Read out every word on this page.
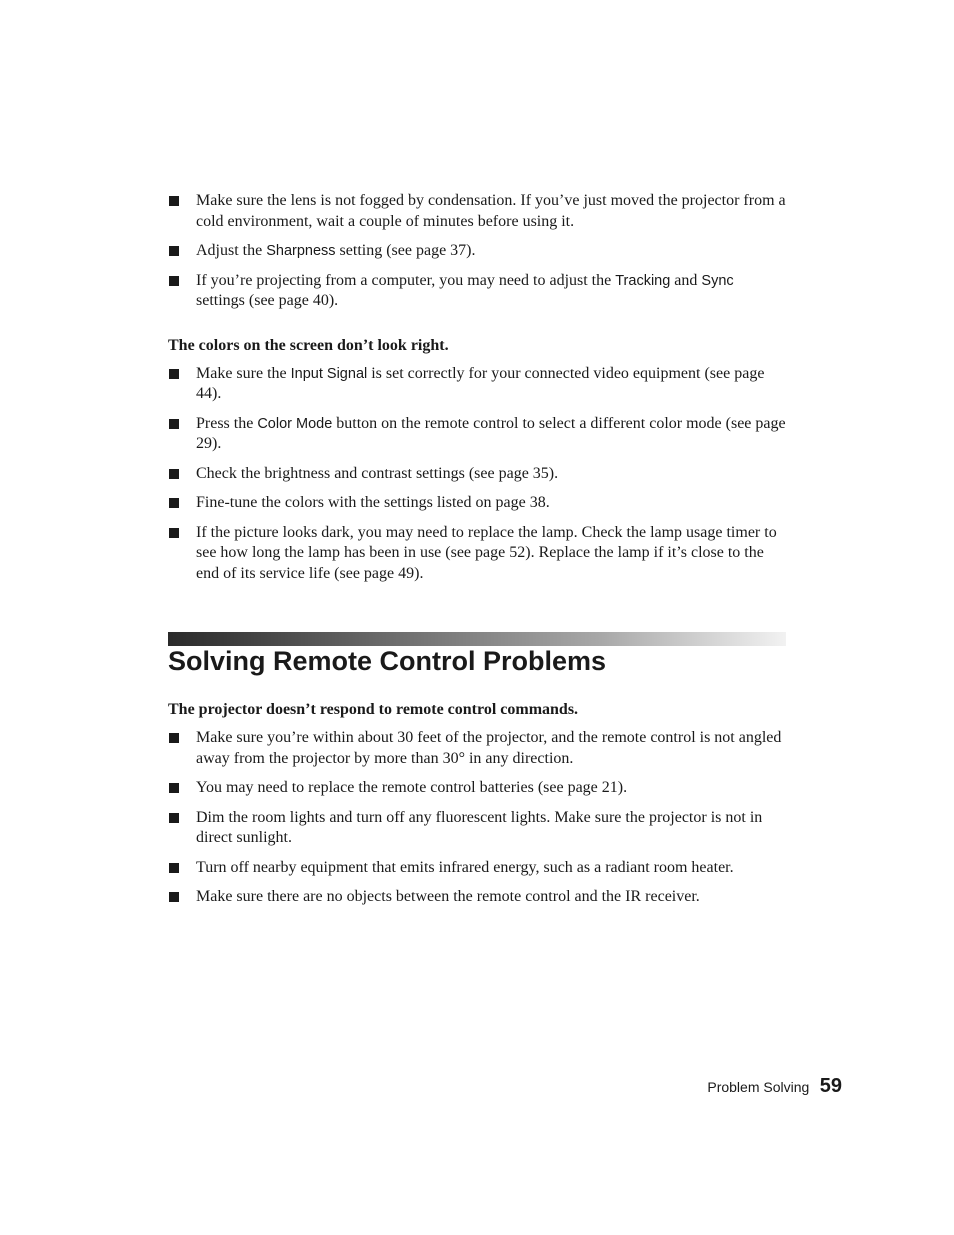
Make sure the lens is not fogged by condensation. If you’ve just moved the projector from a cold environment, wait a couple of minutes before using it.
Adjust the Sharpness setting (see page 37).
If you’re projecting from a computer, you may need to adjust the Tracking and Sync settings (see page 40).
The colors on the screen don’t look right.
Make sure the Input Signal is set correctly for your connected video equipment (see page 44).
Press the Color Mode button on the remote control to select a different color mode (see page 29).
Check the brightness and contrast settings (see page 35).
Fine-tune the colors with the settings listed on page 38.
If the picture looks dark, you may need to replace the lamp. Check the lamp usage timer to see how long the lamp has been in use (see page 52). Replace the lamp if it’s close to the end of its service life (see page 49).
Solving Remote Control Problems
The projector doesn’t respond to remote control commands.
Make sure you’re within about 30 feet of the projector, and the remote control is not angled away from the projector by more than 30° in any direction.
You may need to replace the remote control batteries (see page 21).
Dim the room lights and turn off any fluorescent lights. Make sure the projector is not in direct sunlight.
Turn off nearby equipment that emits infrared energy, such as a radiant room heater.
Make sure there are no objects between the remote control and the IR receiver.
Problem Solving 59
